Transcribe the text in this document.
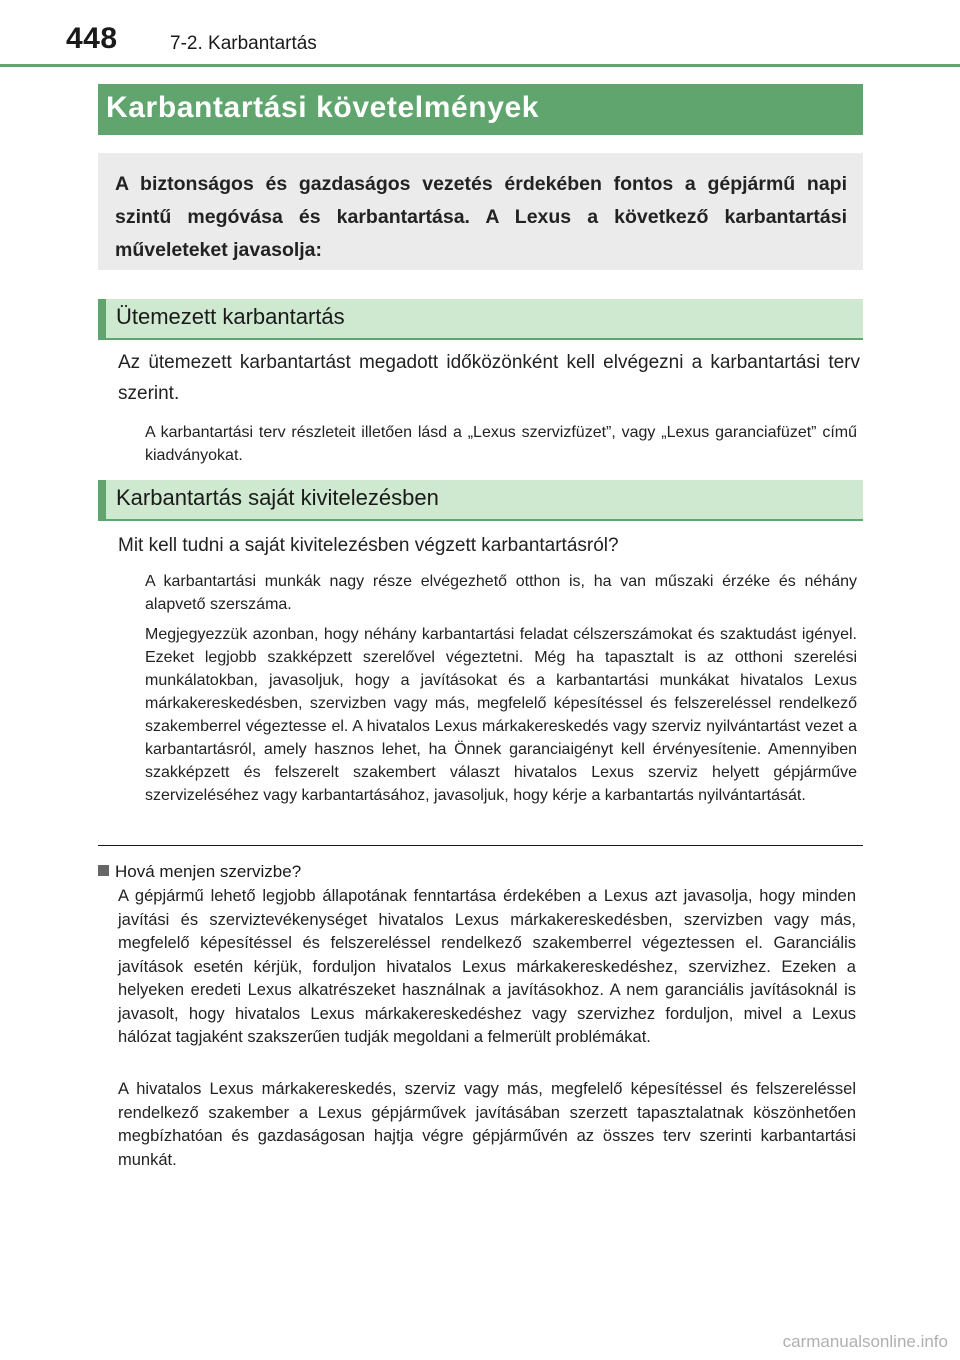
448	7-2. Karbantartás
Karbantartási követelmények

A biztonságos és gazdaságos vezetés érdekében fontos a gépjármű napi szintű megóvása és karbantartása. A Lexus a következő karbantartási műveleteket javasolja:

Ütemezett karbantartás

Az ütemezett karbantartást megadott időközönként kell elvégezni a karbantartási terv szerint.

A karbantartási terv részleteit illetően lásd a „Lexus szervizfüzet”, vagy „Lexus garanciafüzet” című kiadványokat.

Karbantartás saját kivitelezésben

Mit kell tudni a saját kivitelezésben végzett karbantartásról?

A karbantartási munkák nagy része elvégezhető otthon is, ha van műszaki érzéke és néhány alapvető szerszáma.

Megjegyezzük azonban, hogy néhány karbantartási feladat célszerszámokat és szaktudást igényel. Ezeket legjobb szakképzett szerelővel végeztetni. Még ha tapasztalt is az otthoni szerelési munkálatokban, javasoljuk, hogy a javításokat és a karbantartási munkákat hivatalos Lexus márkakereskedésben, szervizben vagy más, megfelelő képesítéssel és felszereléssel rendelkező szakemberrel végeztesse el. A hivatalos Lexus márkakereskedés vagy szerviz nyilvántartást vezet a karbantartásról, amely hasznos lehet, ha Önnek garanciaigényt kell érvényesítenie. Amennyiben szakképzett és felszerelt szakembert választ hivatalos Lexus szerviz helyett gépjárműve szervizeléséhez vagy karbantartásához, javasoljuk, hogy kérje a karbantartás nyilvántartását.

Hová menjen szervizbe?

A gépjármű lehető legjobb állapotának fenntartása érdekében a Lexus azt javasolja, hogy minden javítási és szerviztevékenységet hivatalos Lexus márkakereskedésben, szervizben vagy más, megfelelő képesítéssel és felszereléssel rendelkező szakemberrel végeztessen el. Garanciális javítások esetén kérjük, forduljon hivatalos Lexus márkakereskedéshez, szervizhez. Ezeken a helyeken eredeti Lexus alkatrészeket használnak a javításokhoz. A nem garanciális javításoknál is javasolt, hogy hivatalos Lexus márkakereskedéshez vagy szervizhez forduljon, mivel a Lexus hálózat tagjaként szakszerűen tudják megoldani a felmerült problémákat.

A hivatalos Lexus márkakereskedés, szerviz vagy más, megfelelő képesítéssel és felszereléssel rendelkező szakember a Lexus gépjárművek javításában szerzett tapasztalatnak köszönhetően megbízhatóan és gazdaságosan hajtja végre gépjárművén az összes terv szerinti karbantartási munkát.

carmanualsonline.info
